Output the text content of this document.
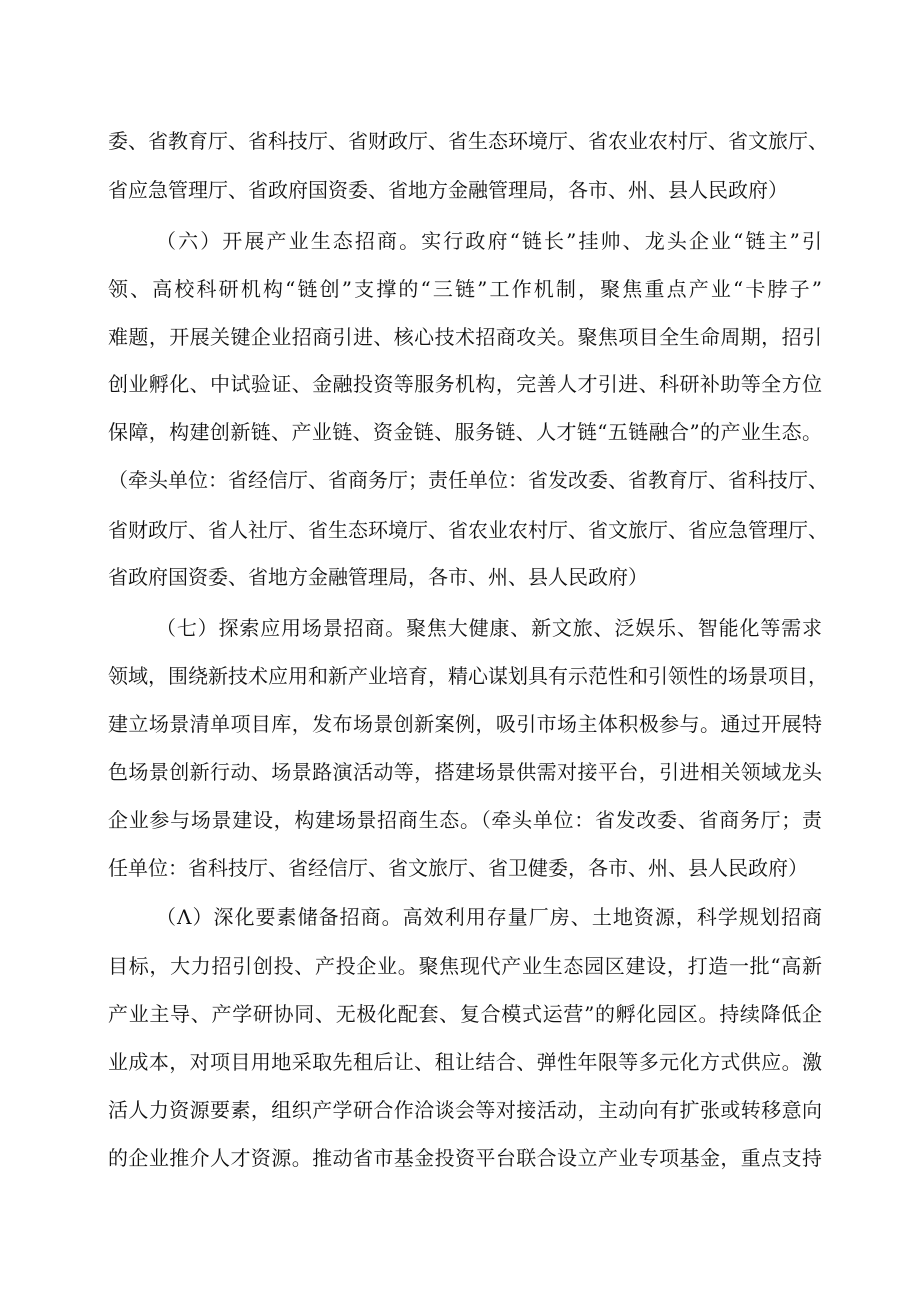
委、省教育厅、省科技厅、省财政厅、省生态环境厅、省农业农村厅、省文旅厅、

省应急管理厅、省政府国资委、省地方金融管理局，各市、州、县人民政府）

（六）开展产业生态招商。实行政府“链长”挂帅、龙头企业“链主”引

领、高校科研机构“链创”支撑的“三链”工作机制，聚焦重点产业“卡脖子”

难题，开展关键企业招商引进、核心技术招商攻关。聚焦项目全生命周期，招引

创业孵化、中试验证、金融投资等服务机构，完善人才引进、科研补助等全方位

保障，构建创新链、产业链、资金链、服务链、人才链“五链融合”的产业生态。

（牵头单位：省经信厅、省商务厅；责任单位：省发改委、省教育厅、省科技厅、

省财政厅、省人社厅、省生态环境厅、省农业农村厅、省文旅厅、省应急管理厅、

省政府国资委、省地方金融管理局，各市、州、县人民政府）

（七）探索应用场景招商。聚焦大健康、新文旅、泛娱乐、智能化等需求

领域，围绕新技术应用和新产业培育，精心谋划具有示范性和引领性的场景项目，

建立场景清单项目库，发布场景创新案例，吸引市场主体积极参与。通过开展特

色场景创新行动、场景路演活动等，搭建场景供需对接平台，引进相关领域龙头

企业参与场景建设，构建场景招商生态。（牵头单位：省发改委、省商务厅；责

任单位：省科技厅、省经信厅、省文旅厅、省卫健委，各市、州、县人民政府）

（Λ）深化要素储备招商。高效利用存量厂房、土地资源，科学规划招商

目标，大力招引创投、产投企业。聚焦现代产业生态园区建设，打造一批“高新

产业主导、产学研协同、无极化配套、复合模式运营”的孵化园区。持续降低企

业成本，对项目用地采取先租后让、租让结合、弹性年限等多元化方式供应。激

活人力资源要素，组织产学研合作洽谈会等对接活动，主动向有扩张或转移意向

的企业推介人才资源。推动省市基金投资平台联合设立产业专项基金，重点支持
